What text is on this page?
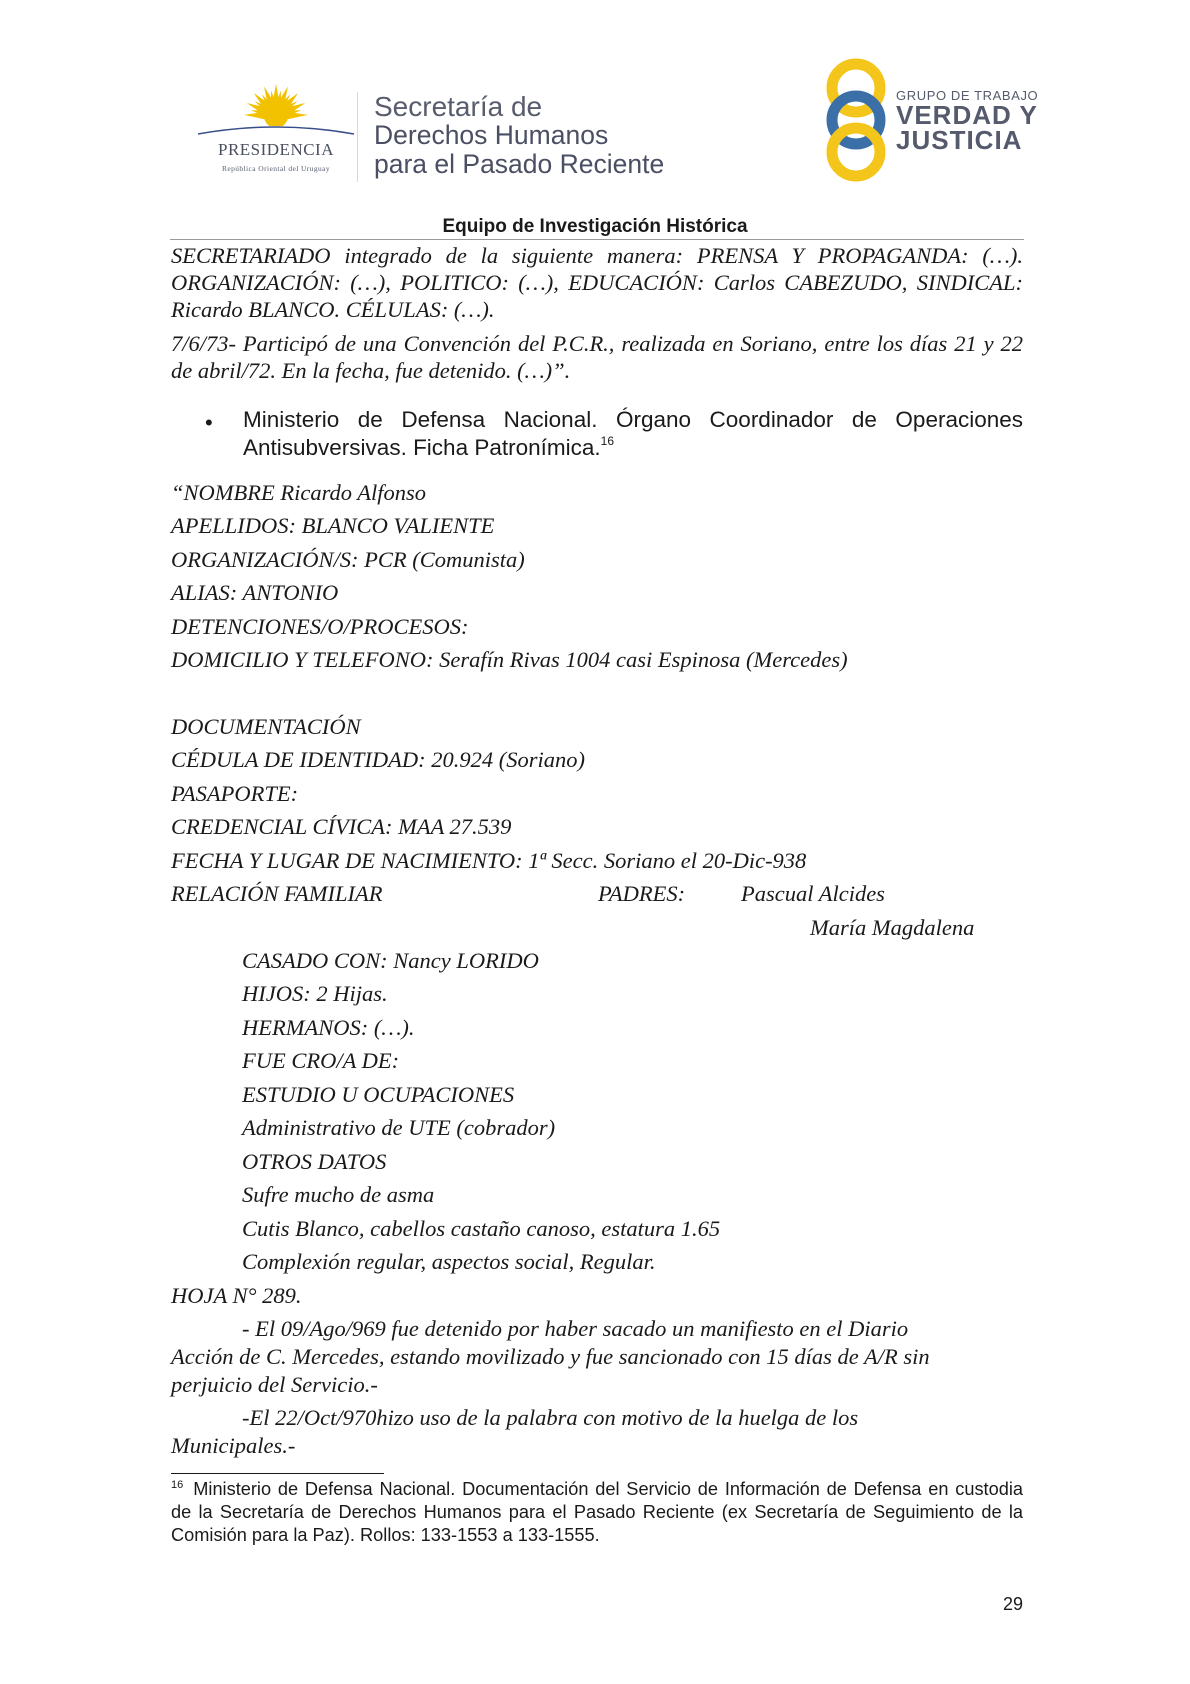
PRESIDENCIA
República Oriental del Uruguay
Secretaría de
Derechos Humanos
para el Pasado Reciente
GRUPO DE TRABAJO
VERDAD Y
JUSTICIA
Equipo de Investigación Histórica
SECRETARIADO integrado de la siguiente manera: PRENSA Y PROPAGANDA: (…). ORGANIZACIÓN: (…), POLITICO: (…), EDUCACIÓN: Carlos CABEZUDO, SINDICAL: Ricardo BLANCO. CÉLULAS: (…).
7/6/73- Participó de una Convención del P.C.R., realizada en Soriano, entre los días 21 y 22 de abril/72. En la fecha, fue detenido. (…)”.
• Ministerio de Defensa Nacional. Órgano Coordinador de Operaciones Antisubversivas. Ficha Patronímica.$^{16}$
“NOMBRE Ricardo Alfonso
APELLIDOS: BLANCO VALIENTE
ORGANIZACIÓN/S: PCR (Comunista)
ALIAS: ANTONIO
DETENCIONES/O/PROCESOS:
DOMICILIO Y TELEFONO: Serafín Rivas 1004 casi Espinosa (Mercedes)
DOCUMENTACIÓN
CÉDULA DE IDENTIDAD: 20.924 (Soriano)
PASAPORTE:
CREDENCIAL CÍVICA: MAA 27.539
FECHA Y LUGAR DE NACIMIENTO: 1ª Secc. Soriano el 20-Dic-938
RELACIÓN FAMILIAR	PADRES: Pascual Alcides
María Magdalena
CASADO CON: Nancy LORIDO
HIJOS: 2 Hijas.
HERMANOS: (…).
FUE CRO/A DE:
ESTUDIO U OCUPACIONES
Administrativo de UTE (cobrador)
OTROS DATOS
Sufre mucho de asma
Cutis Blanco, cabellos castaño canoso, estatura 1.65
Complexión regular, aspectos social, Regular.
HOJA N° 289.
- El 09/Ago/969 fue detenido por haber sacado un manifiesto en el Diario
Acción de C. Mercedes, estando movilizado y fue sancionado con 15 días de A/R sin
perjuicio del Servicio.-
-El 22/Oct/970hizo uso de la palabra con motivo de la huelga de los
Municipales.-
$^{16}$ Ministerio de Defensa Nacional. Documentación del Servicio de Información de Defensa en custodia de la Secretaría de Derechos Humanos para el Pasado Reciente (ex Secretaría de Seguimiento de la Comisión para la Paz). Rollos: 133-1553 a 133-1555.
29
